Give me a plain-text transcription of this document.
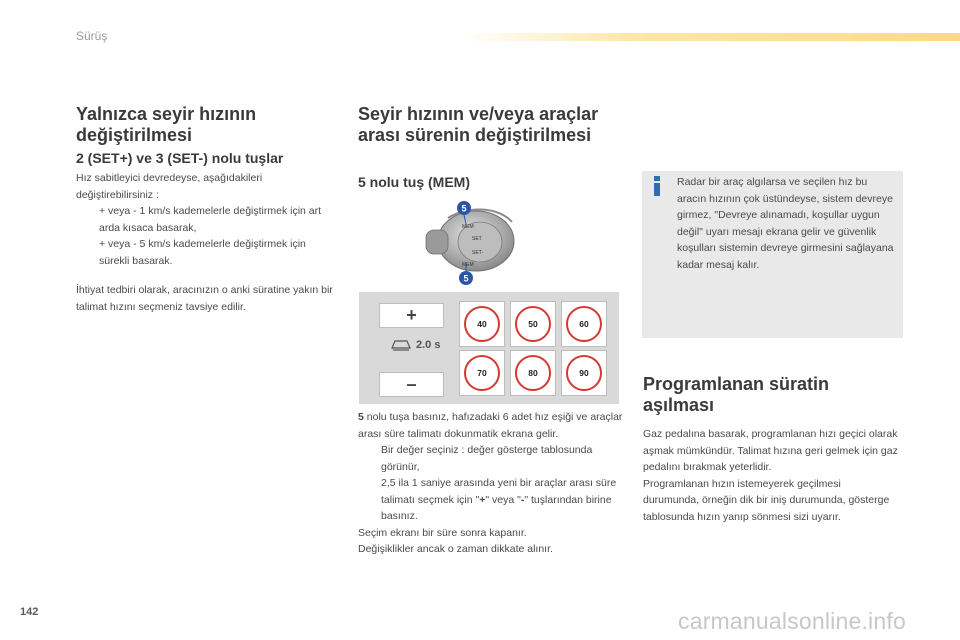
Sürüş
Yalnızca seyir hızının değiştirilmesi
2 (SET+) ve 3 (SET-) nolu tuşlar

Hız sabitleyici devredeyse, aşağıdakileri değiştirebilirsiniz :

+ veya - 1 km/s kademelerle değiştirmek için art arda kısaca basarak,
+ veya - 5 km/s kademelerle değiştirmek için sürekli basarak.

İhtiyat tedbiri olarak, aracınızın o anki süratine yakın bir talimat hızını seçmeniz tavsiye edilir.

Seyir hızının ve/veya araçlar arası sürenin değiştirilmesi
5 nolu tuş (MEM)
MEM
SET
SET-
MEM
5
5
+
2.0 s
–
40	50	60
70	80	90

5 nolu tuşa basınız, hafızadaki 6 adet hız eşiği ve araçlar arası süre talimatı dokunmatik ekrana gelir.

Bir değer seçiniz : değer gösterge tablosunda görünür,
2,5 ila 1 saniye arasında yeni bir araçlar arası süre talimatı seçmek için "+" veya "-" tuşlarından birine basınız.

Seçim ekranı bir süre sonra kapanır.

Değişiklikler ancak o zaman dikkate alınır.

Radar bir araç algılarsa ve seçilen hız bu aracın hızının çok üstündeyse, sistem devreye girmez, "Devreye alınamadı, koşullar uygun değil" uyarı mesajı ekrana gelir ve güvenlik koşulları sistemin devreye girmesini sağlayana kadar mesaj kalır.
Programlanan süratin aşılması

Gaz pedalına basarak, programlanan hızı geçici olarak aşmak mümkündür. Talimat hızına geri gelmek için gaz pedalını bırakmak yeterlidir.

Programlanan hızın istemeyerek geçilmesi durumunda, örneğin dik bir iniş durumunda, gösterge tablosunda hızın yanıp sönmesi sizi uyarır.

142	carmanualsonline.info
